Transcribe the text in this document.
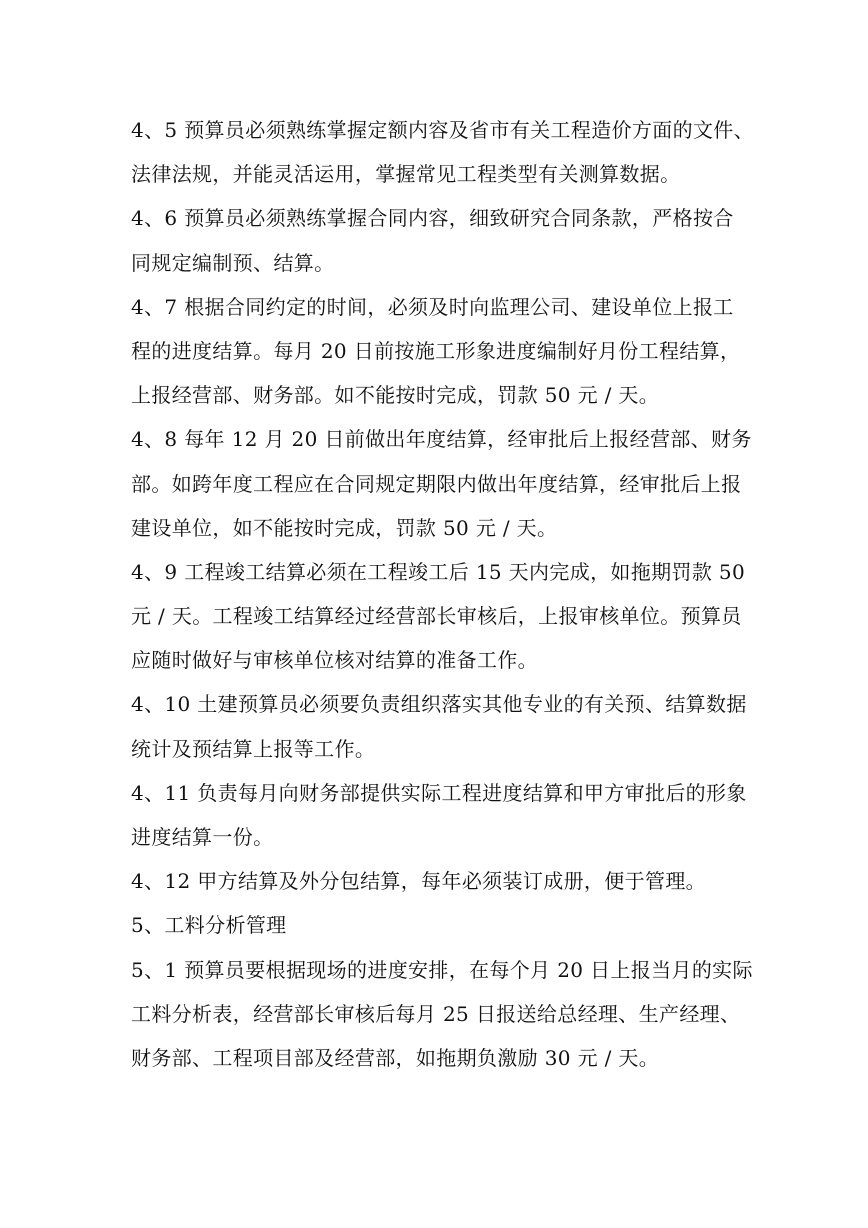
4、5 预算员必须熟练掌握定额内容及省市有关工程造价方面的文件、
法律法规，并能灵活运用，掌握常见工程类型有关测算数据。
4、6 预算员必须熟练掌握合同内容，细致研究合同条款，严格按合
同规定编制预、结算。
4、7 根据合同约定的时间，必须及时向监理公司、建设单位上报工
程的进度结算。每月 20 日前按施工形象进度编制好月份工程结算，
上报经营部、财务部。如不能按时完成，罚款 50 元 / 天。
4、8 每年 12 月 20 日前做出年度结算，经审批后上报经营部、财务
部。如跨年度工程应在合同规定期限内做出年度结算，经审批后上报
建设单位，如不能按时完成，罚款 50 元 / 天。
4、9 工程竣工结算必须在工程竣工后 15 天内完成，如拖期罚款 50
元 / 天。工程竣工结算经过经营部长审核后，上报审核单位。预算员
应随时做好与审核单位核对结算的准备工作。
4、10 土建预算员必须要负责组织落实其他专业的有关预、结算数据
统计及预结算上报等工作。
4、11 负责每月向财务部提供实际工程进度结算和甲方审批后的形象
进度结算一份。
4、12 甲方结算及外分包结算，每年必须装订成册，便于管理。
5、工料分析管理
5、1 预算员要根据现场的进度安排，在每个月 20 日上报当月的实际
工料分析表，经营部长审核后每月 25 日报送给总经理、生产经理、
财务部、工程项目部及经营部，如拖期负激励 30 元 / 天。
